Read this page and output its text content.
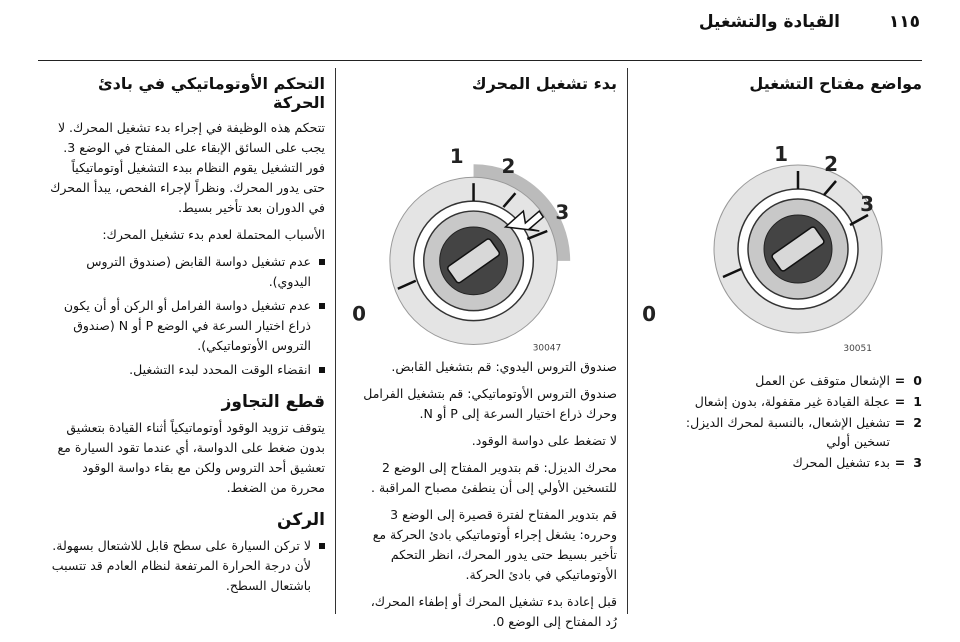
١١٥
القيادة والتشغيل
مواضع مفتاح التشغيل
1 2
3
0
30051
0
=
الإشعال متوقف عن العمل
1
=
عجلة القيادة غير مقفولة، بدون إشعال
2
=
تشغيل الإشعال، بالنسبة لمحرك الديزل: تسخين أولي
3
=
بدء تشغيل المحرك
بدء تشغيل المحرك
1 2
3
0
30047

صندوق التروس اليدوي: قم بتشغيل القابض.

صندوق التروس الأوتوماتيكي: قم بتشغيل الفرامل وحرك ذراع اختيار السرعة إلى P أو N.

لا تضغط على دواسة الوقود.

محرك الديزل: قم بتدوير المفتاح إلى الوضع 2 للتسخين الأولي إلى أن ينطفئ مصباح المراقبة .

قم بتدوير المفتاح لفترة قصيرة إلى الوضع 3 وحرره: يشغل إجراء أوتوماتيكي بادئ الحركة مع تأخير بسيط حتى يدور المحرك، انظر التحكم الأوتوماتيكي في بادئ الحركة.

قبل إعادة بدء تشغيل المحرك أو إطفاء المحرك، رُد المفتاح إلى الوضع 0.

التحكم الأوتوماتيكي في بادئ الحركة

تتحكم هذه الوظيفة في إجراء بدء تشغيل المحرك. لا يجب على السائق الإبقاء على المفتاح في الوضع 3. فور التشغيل يقوم النظام ببدء التشغيل أوتوماتيكياً حتى يدور المحرك. ونظراً لإجراء الفحص، يبدأ المحرك في الدوران بعد تأخير بسيط.

الأسباب المحتملة لعدم بدء تشغيل المحرك:

عدم تشغيل دواسة القابض (صندوق التروس اليدوي).
عدم تشغيل دواسة الفرامل أو الركن أو أن يكون ذراع اختيار السرعة في الوضع P أو N (صندوق التروس الأوتوماتيكي).
انقضاء الوقت المحدد لبدء التشغيل.
قطع التجاوز

يتوقف تزويد الوقود أوتوماتيكياً أثناء القيادة بتعشيق بدون ضغط على الدواسة، أي عندما تقود السيارة مع تعشيق أحد التروس ولكن مع بقاء دواسة الوقود محررة من الضغط.

الركن
لا تركن السيارة على سطح قابل للاشتعال بسهولة. لأن درجة الحرارة المرتفعة لنظام العادم قد تتسبب باشتعال السطح.
